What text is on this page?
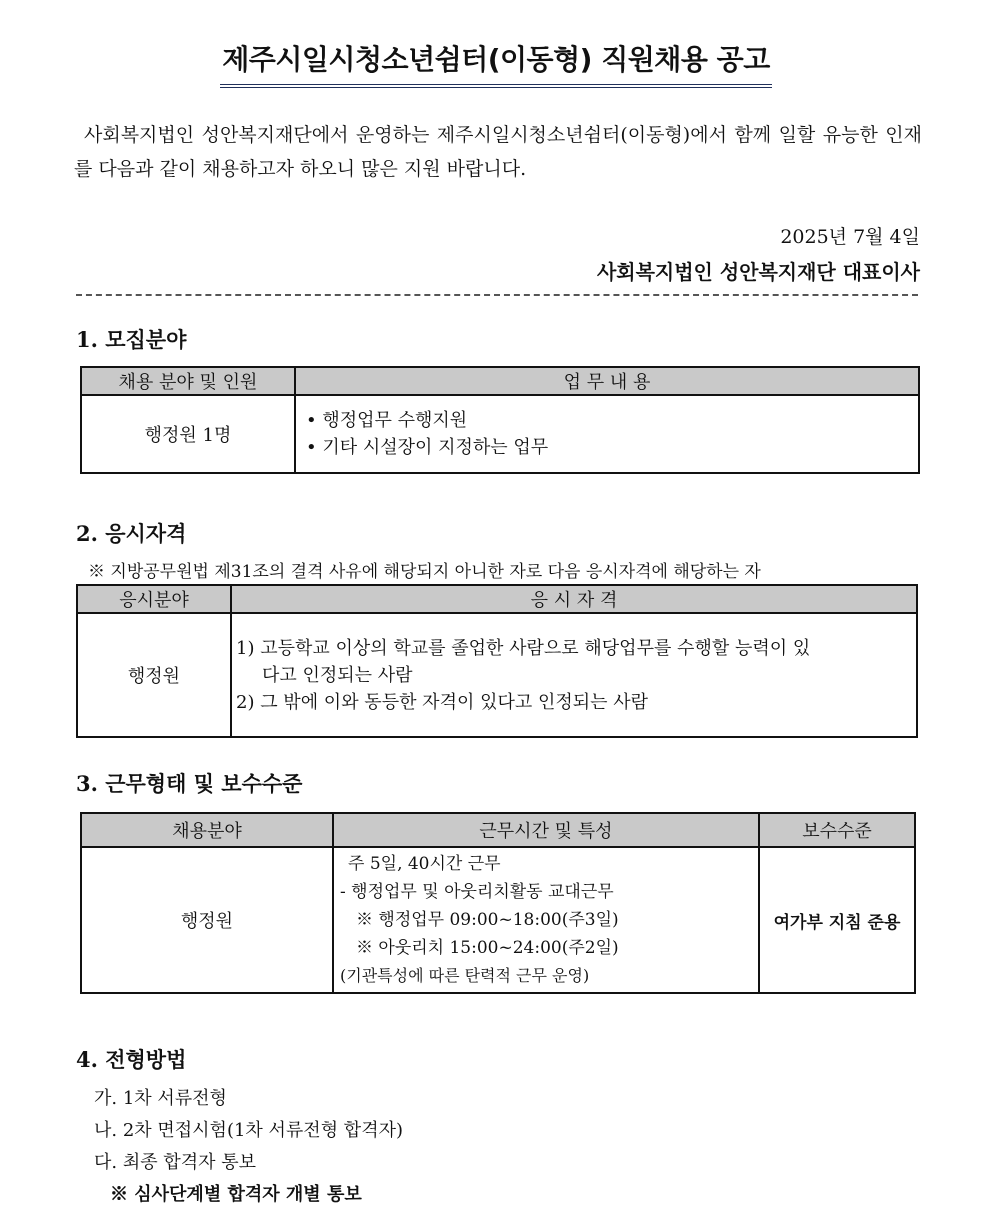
제주시일시청소년쉼터(이동형) 직원채용 공고
사회복지법인 성안복지재단에서 운영하는 제주시일시청소년쉼터(이동형)에서 함께 일할 유능한 인재를 다음과 같이 채용하고자 하오니 많은 지원 바랍니다.
2025년 7월 4일
사회복지법인 성안복지재단 대표이사
1. 모집분야
채용 분야 및 인원	업 무 내 용
행정원 1명	• 행정업무 수행지원
• 기타 시설장이 지정하는 업무
2. 응시자격
※ 지방공무원법 제31조의 결격 사유에 해당되지 아니한 자로 다음 응시자격에 해당하는 자
응시분야	응 시 자 격
행정원	1) 고등학교 이상의 학교를 졸업한 사람으로 해당업무를 수행할 능력이 있
다고 인정되는 사람
2) 그 밖에 이와 동등한 자격이 있다고 인정되는 사람
3. 근무형태 및 보수수준
채용분야	근무시간 및 특성	보수수준
행정원	주 5일, 40시간 근무
- 행정업무 및 아웃리치활동 교대근무
※ 행정업무 09:00~18:00(주3일)
※ 아웃리치 15:00~24:00(주2일)
(기관특성에 따른 탄력적 근무 운영)	여가부 지침 준용
4. 전형방법
가. 1차 서류전형
나. 2차 면접시험(1차 서류전형 합격자)
다. 최종 합격자 통보
※ 심사단계별 합격자 개별 통보
